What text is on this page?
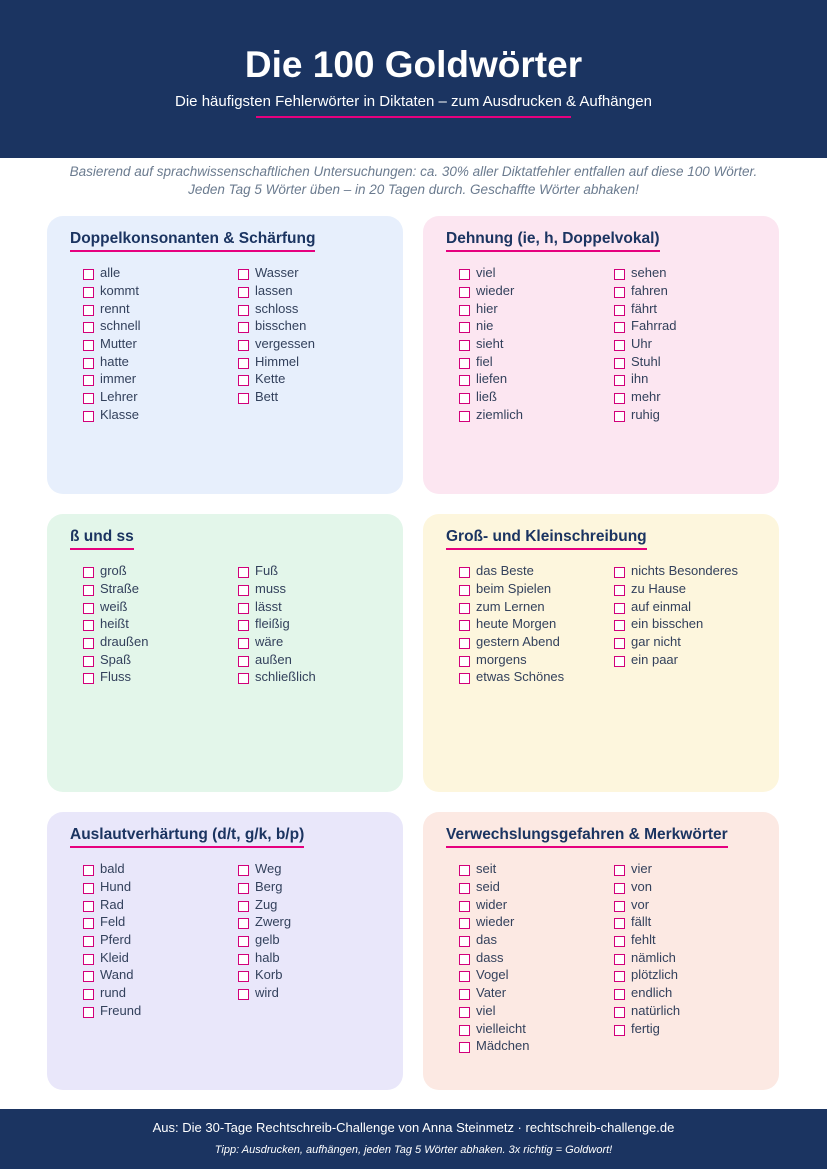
Die 100 Goldwörter
Die häufigsten Fehlerwörter in Diktaten – zum Ausdrucken & Aufhängen
Basierend auf sprachwissenschaftlichen Untersuchungen: ca. 30% aller Diktatfehler entfallen auf diese 100 Wörter.
Jeden Tag 5 Wörter üben – in 20 Tagen durch. Geschaffte Wörter abhaken!
Doppelkonsonanten & Schärfung
alle
kommt
rennt
schnell
Mutter
hatte
immer
Lehrer
Klasse
Wasser
lassen
schloss
bisschen
vergessen
Himmel
Kette
Bett
Dehnung (ie, h, Doppelvokal)
viel
wieder
hier
nie
sieht
fiel
liefen
ließ
ziemlich
sehen
fahren
fährt
Fahrrad
Uhr
Stuhl
ihn
mehr
ruhig
ß und ss
groß
Straße
weiß
heißt
draußen
Spaß
Fluss
Fuß
muss
lässt
fleißig
wäre
außen
schließlich
Groß- und Kleinschreibung
das Beste
beim Spielen
zum Lernen
heute Morgen
gestern Abend
morgens
etwas Schönes
nichts Besonderes
zu Hause
auf einmal
ein bisschen
gar nicht
ein paar
Auslautverhärtung (d/t, g/k, b/p)
bald
Hund
Rad
Feld
Pferd
Kleid
Wand
rund
Freund
Weg
Berg
Zug
Zwerg
gelb
halb
Korb
wird
Verwechslungsgefahren & Merkwörter
seit
seid
wider
wieder
das
dass
Vogel
Vater
viel
vielleicht
Mädchen
vier
von
vor
fällt
fehlt
nämlich
plötzlich
endlich
natürlich
fertig
Aus: Die 30-Tage Rechtschreib-Challenge von Anna Steinmetz · rechtschreib-challenge.de
Tipp: Ausdrucken, aufhängen, jeden Tag 5 Wörter abhaken. 3x richtig = Goldwort!
